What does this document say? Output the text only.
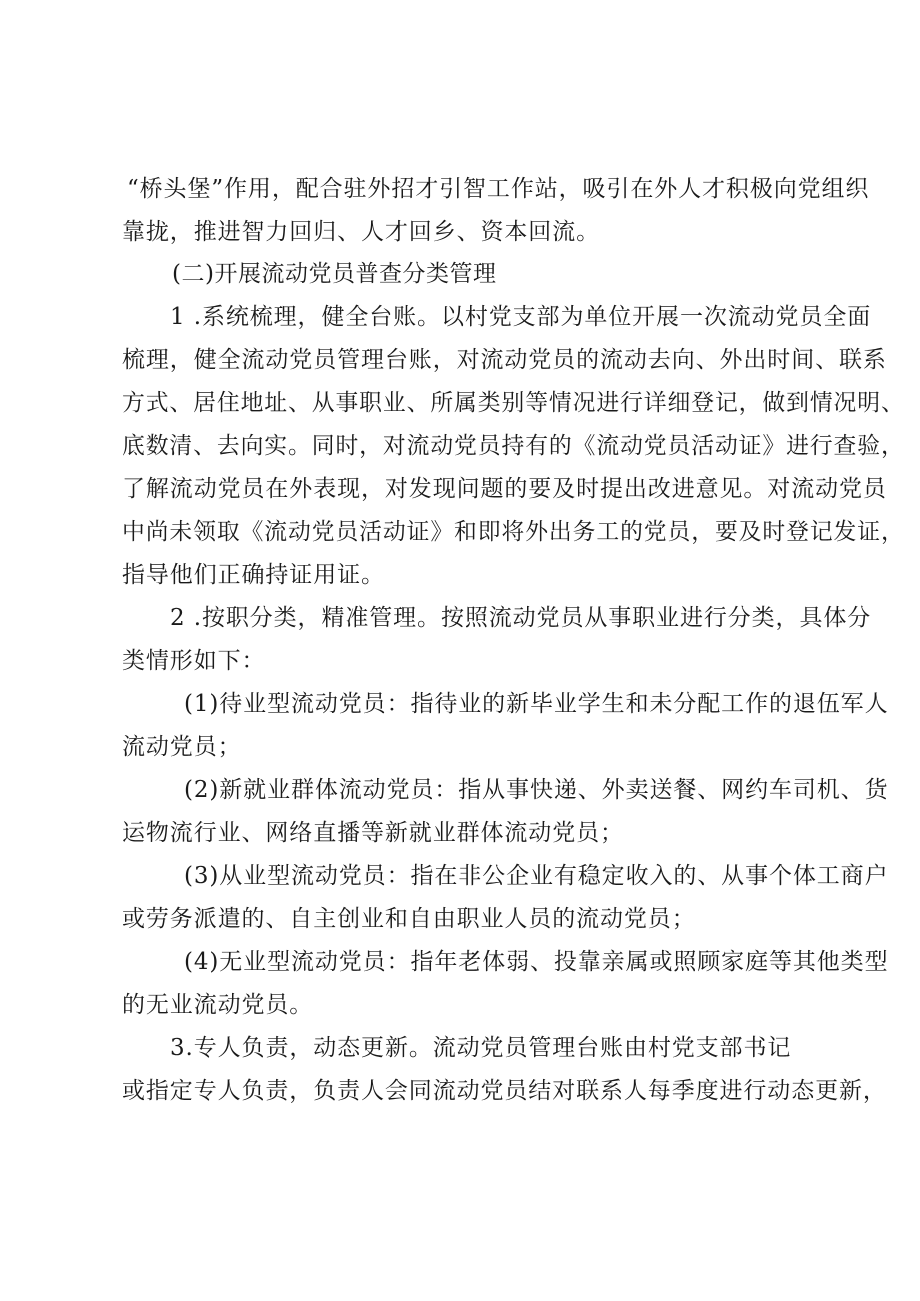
“桥头堡”作用，配合驻外招才引智工作站，吸引在外人才积极向党组织
靠拢，推进智力回归、人才回乡、资本回流。
(二)开展流动党员普查分类管理
1 .系统梳理，健全台账。以村党支部为单位开展一次流动党员全面
梳理，健全流动党员管理台账，对流动党员的流动去向、外出时间、联系
方式、居住地址、从事职业、所属类别等情况进行详细登记，做到情况明、
底数清、去向实。同时，对流动党员持有的《流动党员活动证》进行查验，
了解流动党员在外表现，对发现问题的要及时提出改进意见。对流动党员
中尚未领取《流动党员活动证》和即将外出务工的党员，要及时登记发证，
指导他们正确持证用证。
2 .按职分类，精准管理。按照流动党员从事职业进行分类，具体分
类情形如下：
(1)待业型流动党员：指待业的新毕业学生和未分配工作的退伍军人
流动党员；
(2)新就业群体流动党员：指从事快递、外卖送餐、网约车司机、货
运物流行业、网络直播等新就业群体流动党员；
(3)从业型流动党员：指在非公企业有稳定收入的、从事个体工商户
或劳务派遣的、自主创业和自由职业人员的流动党员；
(4)无业型流动党员：指年老体弱、投靠亲属或照顾家庭等其他类型
的无业流动党员。
3.专人负责，动态更新。流动党员管理台账由村党支部书记
或指定专人负责，负责人会同流动党员结对联系人每季度进行动态更新，
